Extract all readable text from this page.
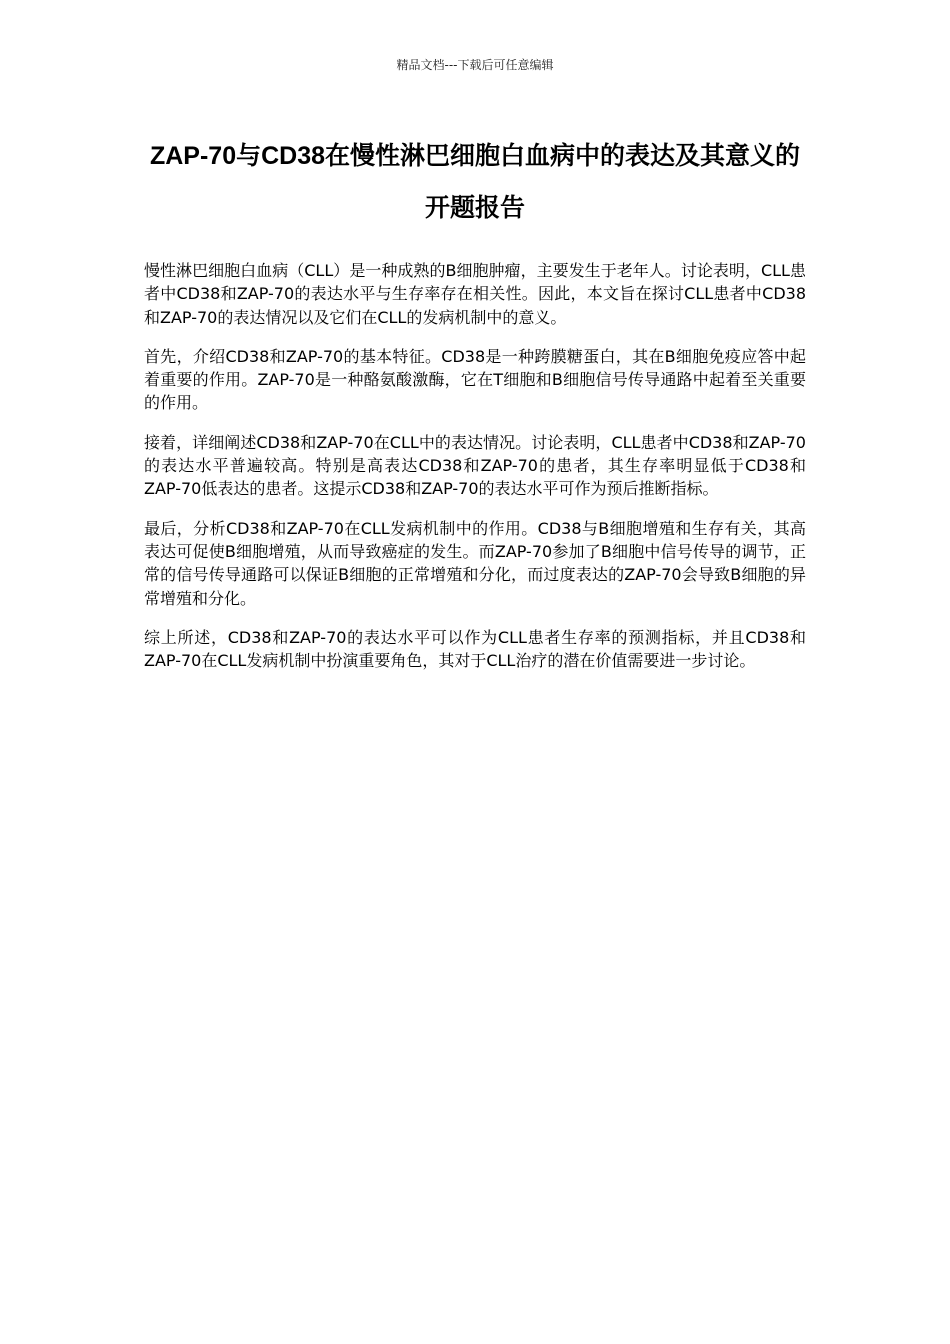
精品文档---下载后可任意编辑
ZAP-70与CD38在慢性淋巴细胞白血病中的表达及其意义的开题报告

慢性淋巴细胞白血病（CLL）是一种成熟的B细胞肿瘤，主要发生于老年人。讨论表明，CLL患者中CD38和ZAP-70的表达水平与生存率存在相关性。因此，本文旨在探讨CLL患者中CD38和ZAP-70的表达情况以及它们在CLL的发病机制中的意义。

首先，介绍CD38和ZAP-70的基本特征。CD38是一种跨膜糖蛋白，其在B细胞免疫应答中起着重要的作用。ZAP-70是一种酪氨酸激酶，它在T细胞和B细胞信号传导通路中起着至关重要的作用。

接着，详细阐述CD38和ZAP-70在CLL中的表达情况。讨论表明，CLL患者中CD38和ZAP-70的表达水平普遍较高。特别是高表达CD38和ZAP-70的患者，其生存率明显低于CD38和ZAP-70低表达的患者。这提示CD38和ZAP-70的表达水平可作为预后推断指标。

最后，分析CD38和ZAP-70在CLL发病机制中的作用。CD38与B细胞增殖和生存有关，其高表达可促使B细胞增殖，从而导致癌症的发生。而ZAP-70参加了B细胞中信号传导的调节，正常的信号传导通路可以保证B细胞的正常增殖和分化，而过度表达的ZAP-70会导致B细胞的异常增殖和分化。

综上所述，CD38和ZAP-70的表达水平可以作为CLL患者生存率的预测指标，并且CD38和ZAP-70在CLL发病机制中扮演重要角色，其对于CLL治疗的潜在价值需要进一步讨论。
